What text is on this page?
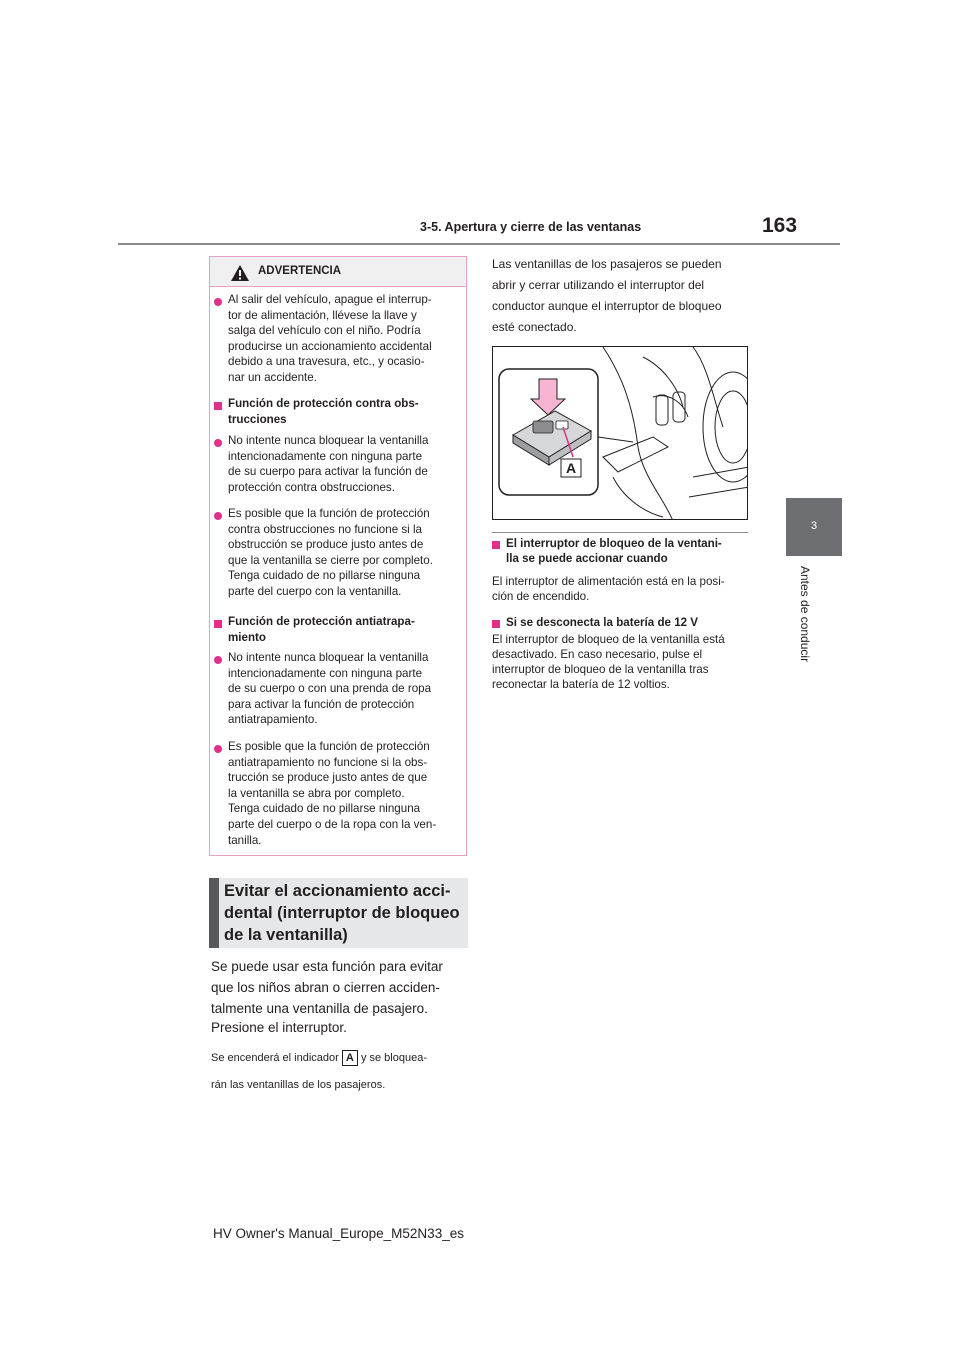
3-5. Apertura y cierre de las ventanas	163
3
Antes de conducir
ADVERTENCIA
Al salir del vehículo, apague el interrup-
tor de alimentación, llévese la llave y
salga del vehículo con el niño. Podría
producirse un accionamiento accidental
debido a una travesura, etc., y ocasio-
nar un accidente.
Función de protección contra obs-
trucciones
No intente nunca bloquear la ventanilla
intencionadamente con ninguna parte
de su cuerpo para activar la función de
protección contra obstrucciones.
Es posible que la función de protección
contra obstrucciones no funcione si la
obstrucción se produce justo antes de
que la ventanilla se cierre por completo.
Tenga cuidado de no pillarse ninguna
parte del cuerpo con la ventanilla.
Función de protección antiatrapa-
miento
No intente nunca bloquear la ventanilla
intencionadamente con ninguna parte
de su cuerpo o con una prenda de ropa
para activar la función de protección
antiatrapamiento.
Es posible que la función de protección
antiatrapamiento no funcione si la obs-
trucción se produce justo antes de que
la ventanilla se abra por completo.
Tenga cuidado de no pillarse ninguna
parte del cuerpo o de la ropa con la ven-
tanilla.
Evitar el accionamiento acci-
dental (interruptor de bloqueo
de la ventanilla)
Se puede usar esta función para evitar
que los niños abran o cierren acciden-
talmente una ventanilla de pasajero.
Presione el interruptor.
Se encenderá el indicador A y se bloquea-
rán las ventanillas de los pasajeros.
Las ventanillas de los pasajeros se pueden
abrir y cerrar utilizando el interruptor del
conductor aunque el interruptor de bloqueo
esté conectado.
A
El interruptor de bloqueo de la ventani-
lla se puede accionar cuando
El interruptor de alimentación está en la posi-
ción de encendido.
Si se desconecta la batería de 12 V
El interruptor de bloqueo de la ventanilla está
desactivado. En caso necesario, pulse el
interruptor de bloqueo de la ventanilla tras
reconectar la batería de 12 voltios.
HV Owner's Manual_Europe_M52N33_es
